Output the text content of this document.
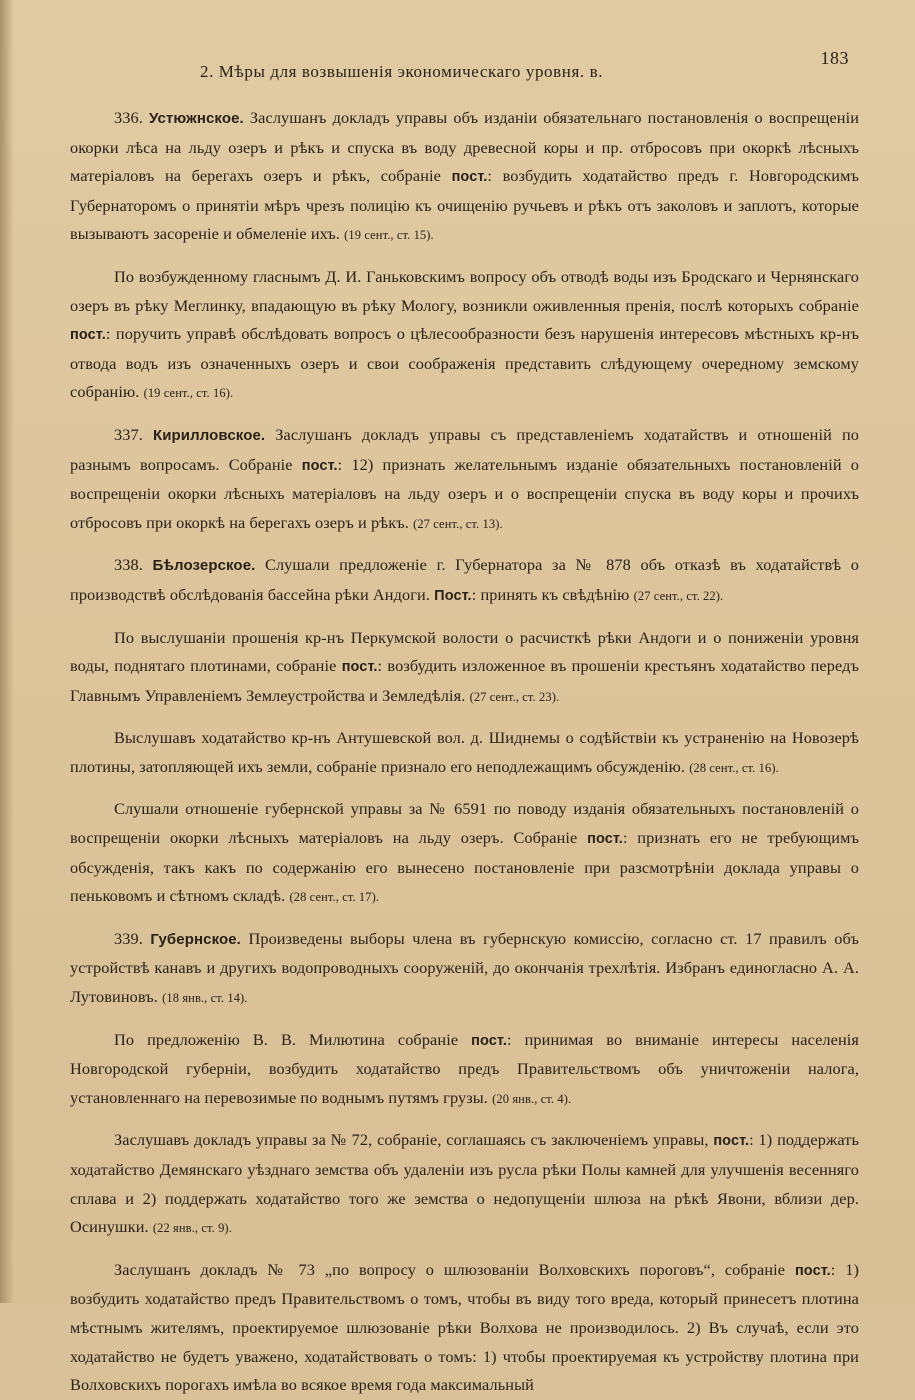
2. Мѣры для возвышенія экономическаго уровня. в.
183

336. Устюжнское. Заслушанъ докладъ управы объ изданіи обязательнаго постановленія о воспрещеніи окорки лѣса на льду озеръ и рѣкъ и спуска въ воду древесной коры и пр. отбросовъ при окоркѣ лѣсныхъ матеріаловъ на берегахъ озеръ и рѣкъ, собраніе пост.: возбудить ходатайство предъ г. Новгородскимъ Губернаторомъ о принятіи мѣръ чрезъ полицію къ очищенію ручьевъ и рѣкъ отъ заколовъ и заплотъ, которые вызываютъ засореніе и обмеленіе ихъ. (19 сент., ст. 15).

По возбужденному гласнымъ Д. И. Ганьковскимъ вопросу объ отводѣ воды изъ Бродскаго и Чернянскаго озеръ въ рѣку Меглинку, впадающую въ рѣку Мологу, возникли оживленныя пренія, послѣ которыхъ собраніе пост.: поручить управѣ обслѣдовать вопросъ о цѣлесообразности безъ нарушенія интересовъ мѣстныхъ кр-нъ отвода водъ изъ означенныхъ озеръ и свои соображенія представить слѣдующему очередному земскому собранію. (19 сент., ст. 16).

337. Кирилловское. Заслушанъ докладъ управы съ представленіемъ ходатайствъ и отношеній по разнымъ вопросамъ. Собраніе пост.: 12) признать желательнымъ изданіе обязательныхъ постановленій о воспрещеніи окорки лѣсныхъ матеріаловъ на льду озеръ и о воспрещеніи спуска въ воду коры и прочихъ отбросовъ при окоркѣ на берегахъ озеръ и рѣкъ. (27 сент., ст. 13).

338. Бѣлозерское. Слушали предложеніе г. Губернатора за № 878 объ отказѣ въ ходатайствѣ о производствѣ обслѣдованія бассейна рѣки Андоги. Пост.: принять къ свѣдѣнію (27 сент., ст. 22).

По выслушаніи прошенія кр-нъ Перкумской волости о расчисткѣ рѣки Андоги и о пониженіи уровня воды, поднятаго плотинами, собраніе пост.: возбудить изложенное въ прошеніи крестьянъ ходатайство передъ Главнымъ Управленіемъ Землеустройства и Земледѣлія. (27 сент., ст. 23).

Выслушавъ ходатайство кр-нъ Антушевской вол. д. Шиднемы о содѣйствіи къ устраненію на Новозерѣ плотины, затопляющей ихъ земли, собраніе признало его неподлежащимъ обсужденію. (28 сент., ст. 16).

Слушали отношеніе губернской управы за № 6591 по поводу изданія обязательныхъ постановленій о воспрещеніи окорки лѣсныхъ матеріаловъ на льду озеръ. Собраніе пост.: признать его не требующимъ обсужденія, такъ какъ по содержанію его вынесено постановленіе при разсмотрѣніи доклада управы о пеньковомъ и сѣтномъ складѣ. (28 сент., ст. 17).

339. Губернское. Произведены выборы члена въ губернскую комиссію, согласно ст. 17 правилъ объ устройствѣ канавъ и другихъ водопроводныхъ сооруженій, до окончанія трехлѣтія. Избранъ единогласно А. А. Лутовиновъ. (18 янв., ст. 14).

По предложенію В. В. Милютина собраніе пост.: принимая во вниманіе интересы населенія Новгородской губерніи, возбудить ходатайство предъ Правительствомъ объ уничтоженіи налога, установленнаго на перевозимые по воднымъ путямъ грузы. (20 янв., ст. 4).

Заслушавъ докладъ управы за № 72, собраніе, соглашаясь съ заключеніемъ управы, пост.: 1) поддержать ходатайство Демянскаго уѣзднаго земства объ удаленіи изъ русла рѣки Полы камней для улучшенія весенняго сплава и 2) поддержать ходатайство того же земства о недопущеніи шлюза на рѣкѣ Явони, вблизи дер. Осинушки. (22 янв., ст. 9).

Заслушанъ докладъ № 73 „по вопросу о шлюзованіи Волховскихъ пороговъ“, собраніе пост.: 1) возбудить ходатайство предъ Правительствомъ о томъ, чтобы въ виду того вреда, который принесетъ плотина мѣстнымъ жителямъ, проектируемое шлюзованіе рѣки Волхова не производилось. 2) Въ случаѣ, если это ходатайство не будетъ уважено, ходатайствовать о томъ: 1) чтобы проектируемая къ устройству плотина при Волховскихъ порогахъ имѣла во всякое время года максимальный
